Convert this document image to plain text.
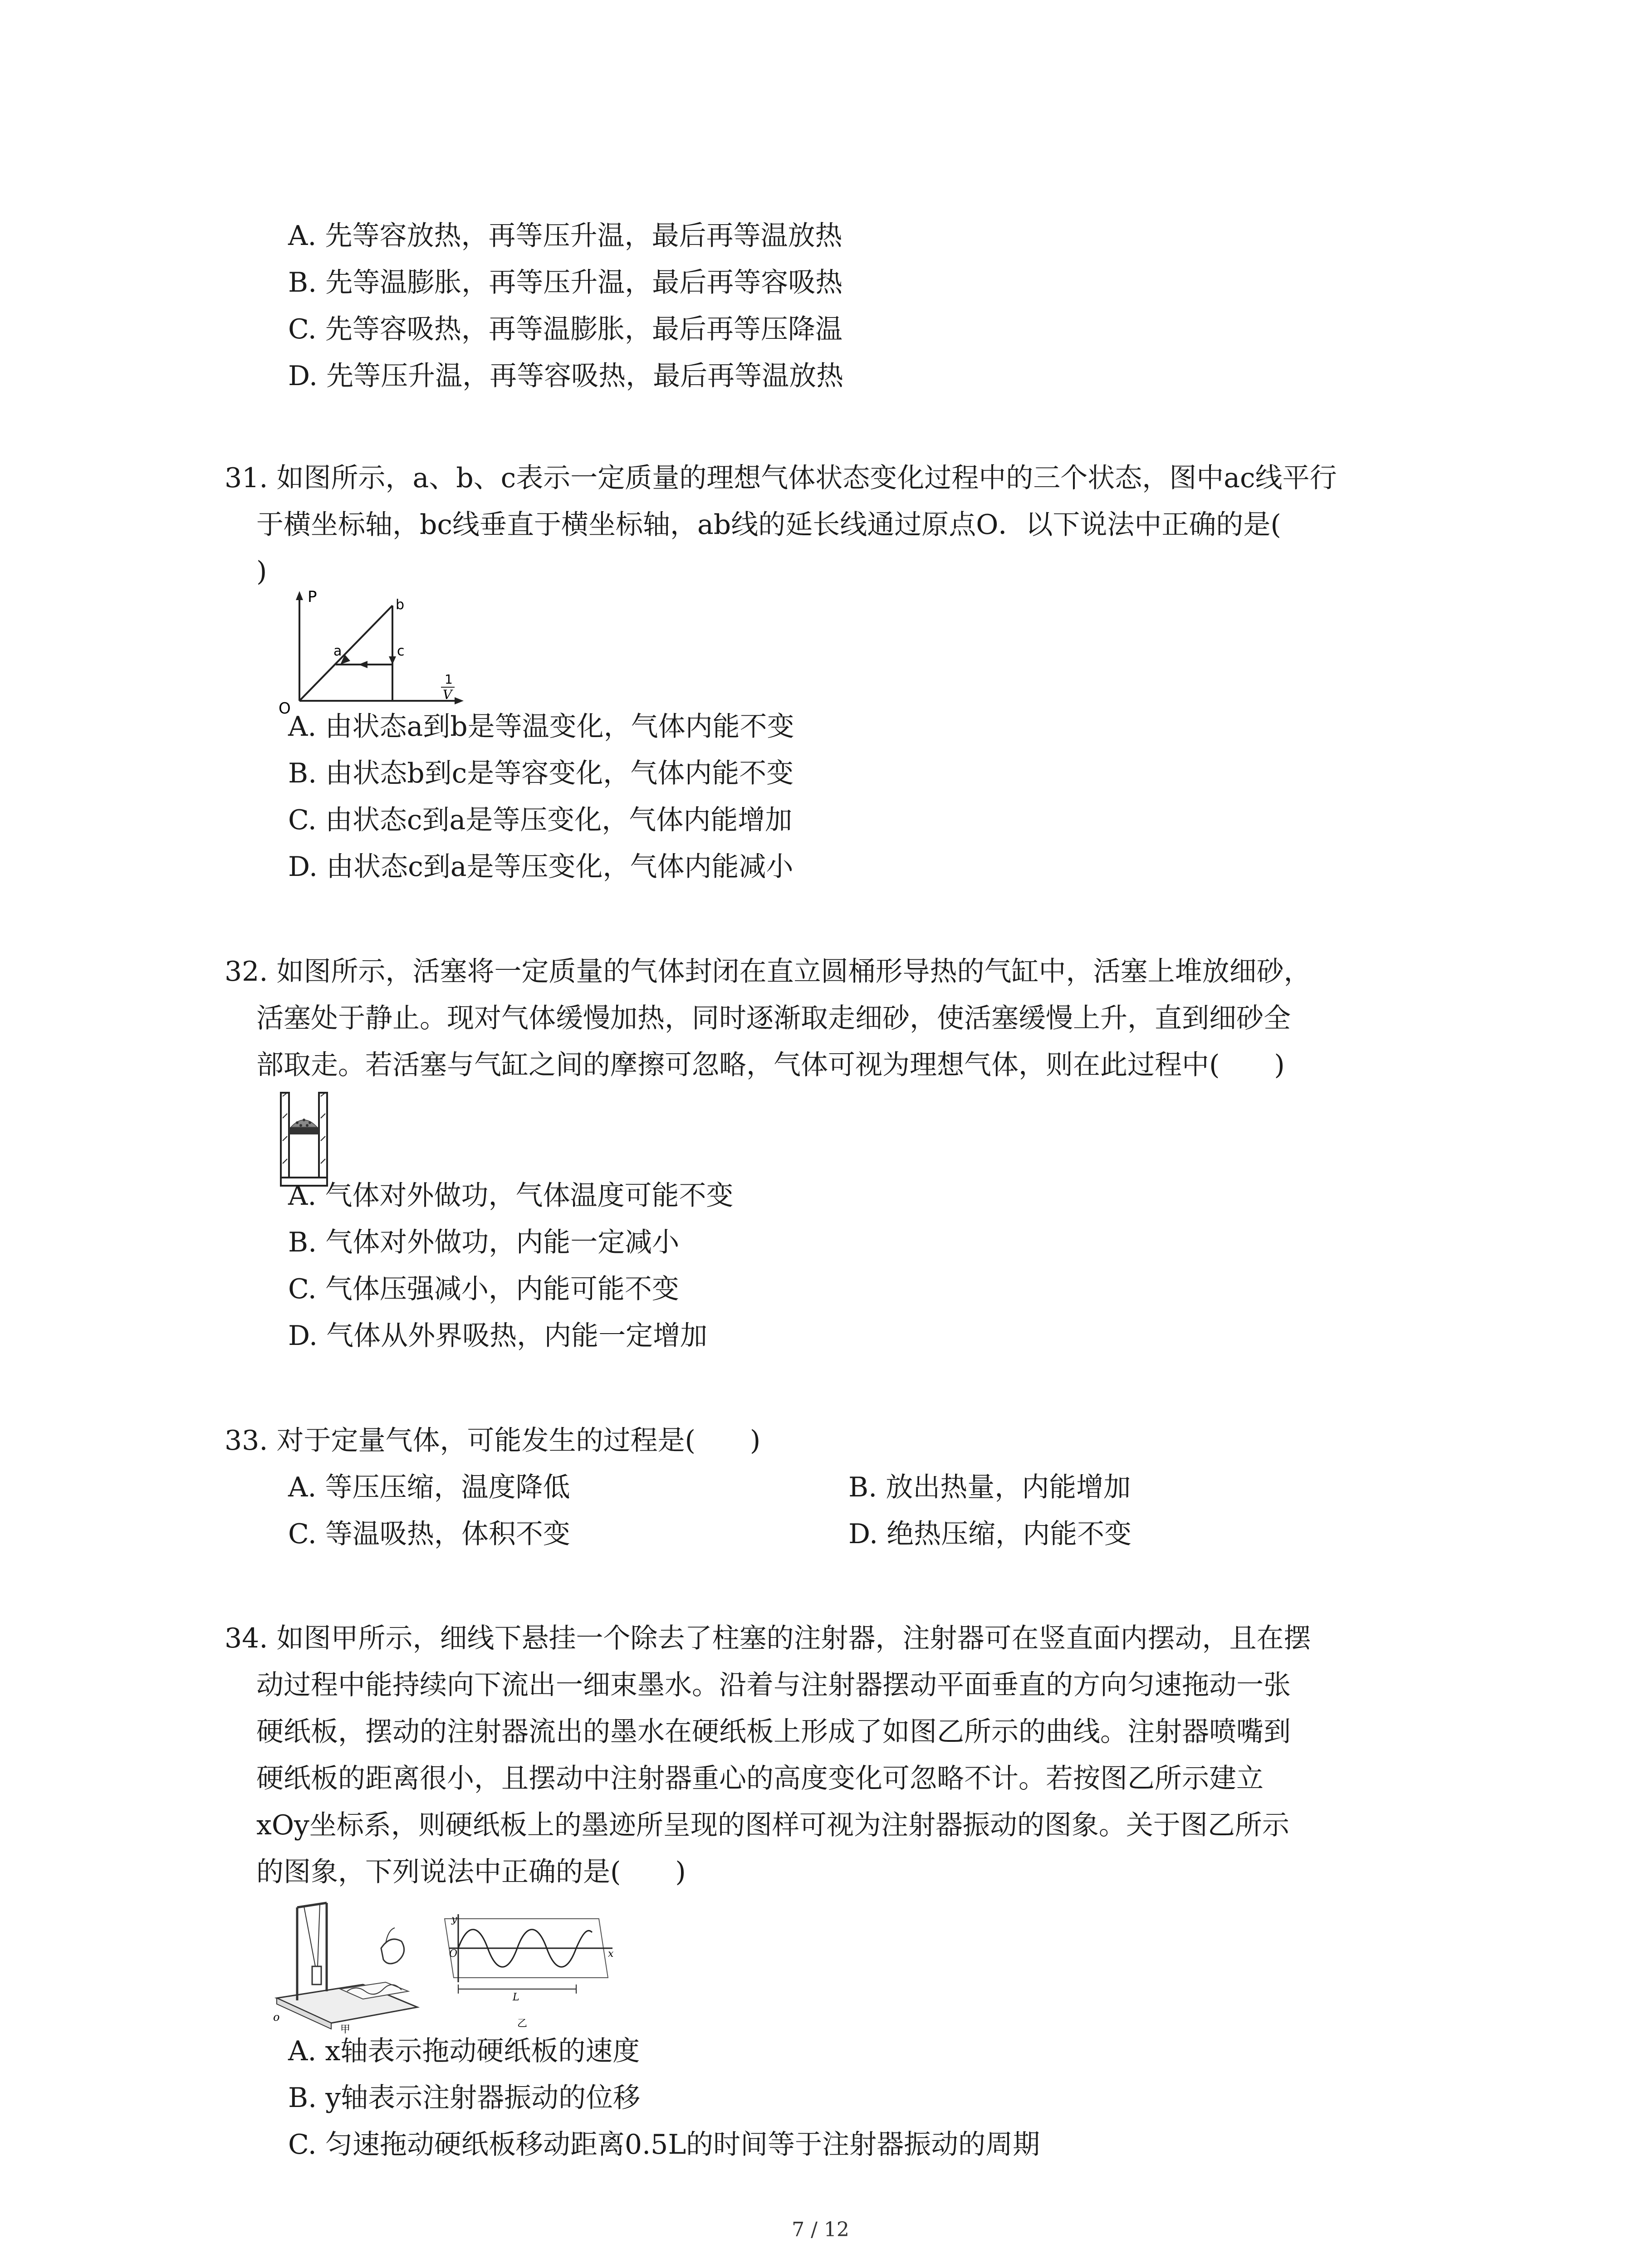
A. 先等容放热，再等压升温，最后再等温放热
B. 先等温膨胀，再等压升温，最后再等容吸热
C. 先等容吸热，再等温膨胀，最后再等压降温
D. 先等压升温，再等容吸热，最后再等温放热
31. 如图所示，a、b、c表示一定质量的理想气体状态变化过程中的三个状态，图中ac线平行
于横坐标轴，bc线垂直于横坐标轴，ab线的延长线通过原点O．以下说法中正确的是(
)
P
O
a
b
c
1
V
A. 由状态a到b是等温变化，气体内能不变
B. 由状态b到c是等容变化，气体内能不变
C. 由状态c到a是等压变化，气体内能增加
D. 由状态c到a是等压变化，气体内能减小
32. 如图所示，活塞将一定质量的气体封闭在直立圆桶形导热的气缸中，活塞上堆放细砂，
活塞处于静止。现对气体缓慢加热，同时逐渐取走细砂，使活塞缓慢上升，直到细砂全
部取走。若活塞与气缸之间的摩擦可忽略，气体可视为理想气体，则在此过程中(　　)
A. 气体对外做功，气体温度可能不变
B. 气体对外做功，内能一定减小
C. 气体压强减小，内能可能不变
D. 气体从外界吸热，内能一定增加
33. 对于定量气体，可能发生的过程是(　　)
A. 等压压缩，温度降低	B. 放出热量，内能增加
C. 等温吸热，体积不变	D. 绝热压缩，内能不变
34. 如图甲所示，细线下悬挂一个除去了柱塞的注射器，注射器可在竖直面内摆动，且在摆
动过程中能持续向下流出一细束墨水。沿着与注射器摆动平面垂直的方向匀速拖动一张
硬纸板，摆动的注射器流出的墨水在硬纸板上形成了如图乙所示的曲线。注射器喷嘴到
硬纸板的距离很小，且摆动中注射器重心的高度变化可忽略不计。若按图乙所示建立
xOy坐标系，则硬纸板上的墨迹所呈现的图样可视为注射器振动的图象。关于图乙所示
的图象，下列说法中正确的是(　　)
o
甲
y
x
O
L
乙
A. x轴表示拖动硬纸板的速度
B. y轴表示注射器振动的位移
C. 匀速拖动硬纸板移动距离0.5L的时间等于注射器振动的周期
7 / 12
